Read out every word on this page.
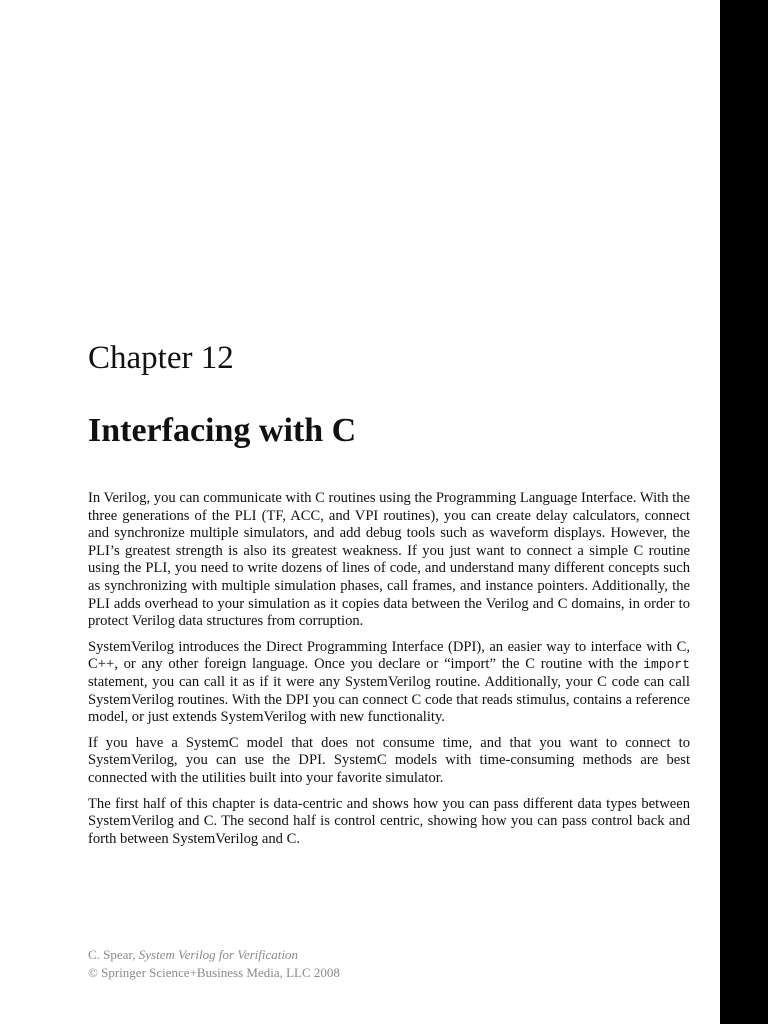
Chapter 12
Interfacing with C

In Verilog, you can communicate with C routines using the Programming Language Interface. With the three generations of the PLI (TF, ACC, and VPI routines), you can create delay calculators, connect and synchronize multiple simulators, and add debug tools such as waveform displays. However, the PLI’s greatest strength is also its greatest weakness. If you just want to connect a simple C routine using the PLI, you need to write dozens of lines of code, and understand many different concepts such as synchronizing with multiple simulation phases, call frames, and instance pointers. Additionally, the PLI adds overhead to your simulation as it copies data between the Verilog and C domains, in order to protect Verilog data structures from corruption.

SystemVerilog introduces the Direct Programming Interface (DPI), an easier way to interface with C, C++, or any other foreign language. Once you declare or “import” the C routine with the import statement, you can call it as if it were any SystemVerilog routine. Additionally, your C code can call SystemVerilog routines. With the DPI you can connect C code that reads stimulus, contains a reference model, or just extends SystemVerilog with new functionality.

If you have a SystemC model that does not consume time, and that you want to connect to SystemVerilog, you can use the DPI. SystemC models with time-consuming methods are best connected with the utilities built into your favorite simulator.

The first half of this chapter is data-centric and shows how you can pass different data types between SystemVerilog and C. The second half is control centric, showing how you can pass control back and forth between SystemVerilog and C.

C. Spear, System Verilog for Verification
© Springer Science+Business Media, LLC 2008
